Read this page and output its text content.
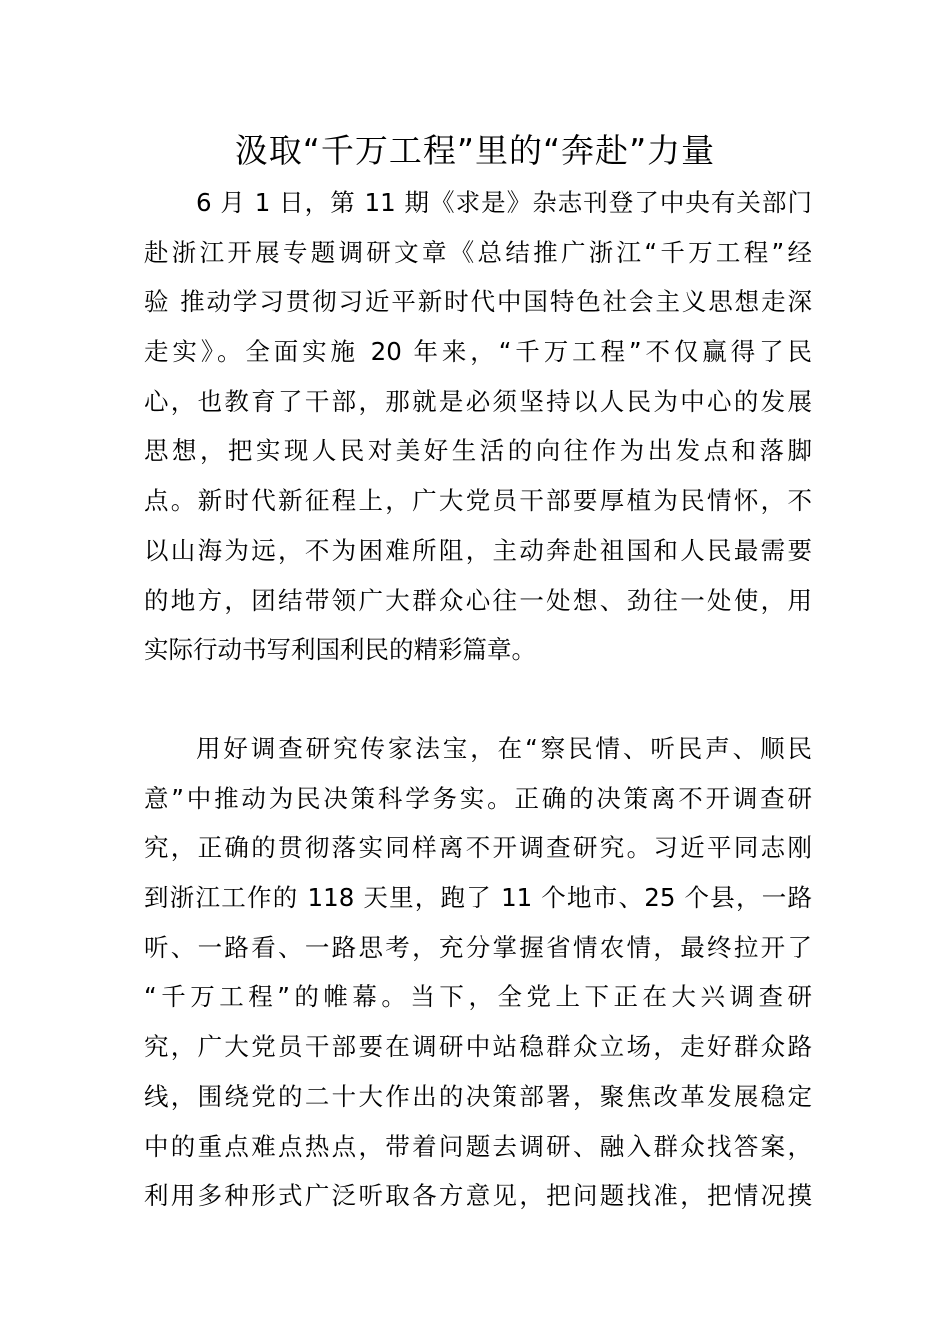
汲取“千万工程”里的“奔赴”力量
6 月 1 日，第 11 期《求是》杂志刊登了中央有关部门
赴浙江开展专题调研文章《总结推广浙江“千万工程”经
验 推动学习贯彻习近平新时代中国特色社会主义思想走深
走实》。全面实施 20 年来，“千万工程”不仅赢得了民
心，也教育了干部，那就是必须坚持以人民为中心的发展
思想，把实现人民对美好生活的向往作为出发点和落脚
点。新时代新征程上，广大党员干部要厚植为民情怀，不
以山海为远，不为困难所阻，主动奔赴祖国和人民最需要
的地方，团结带领广大群众心往一处想、劲往一处使，用
实际行动书写利国利民的精彩篇章。
用好调查研究传家法宝，在“察民情、听民声、顺民
意”中推动为民决策科学务实。正确的决策离不开调查研
究，正确的贯彻落实同样离不开调查研究。习近平同志刚
到浙江工作的 118 天里，跑了 11 个地市、25 个县，一路
听、一路看、一路思考，充分掌握省情农情，最终拉开了
“千万工程”的帷幕。当下，全党上下正在大兴调查研
究，广大党员干部要在调研中站稳群众立场，走好群众路
线，围绕党的二十大作出的决策部署，聚焦改革发展稳定
中的重点难点热点，带着问题去调研、融入群众找答案，
利用多种形式广泛听取各方意见，把问题找准，把情况摸
